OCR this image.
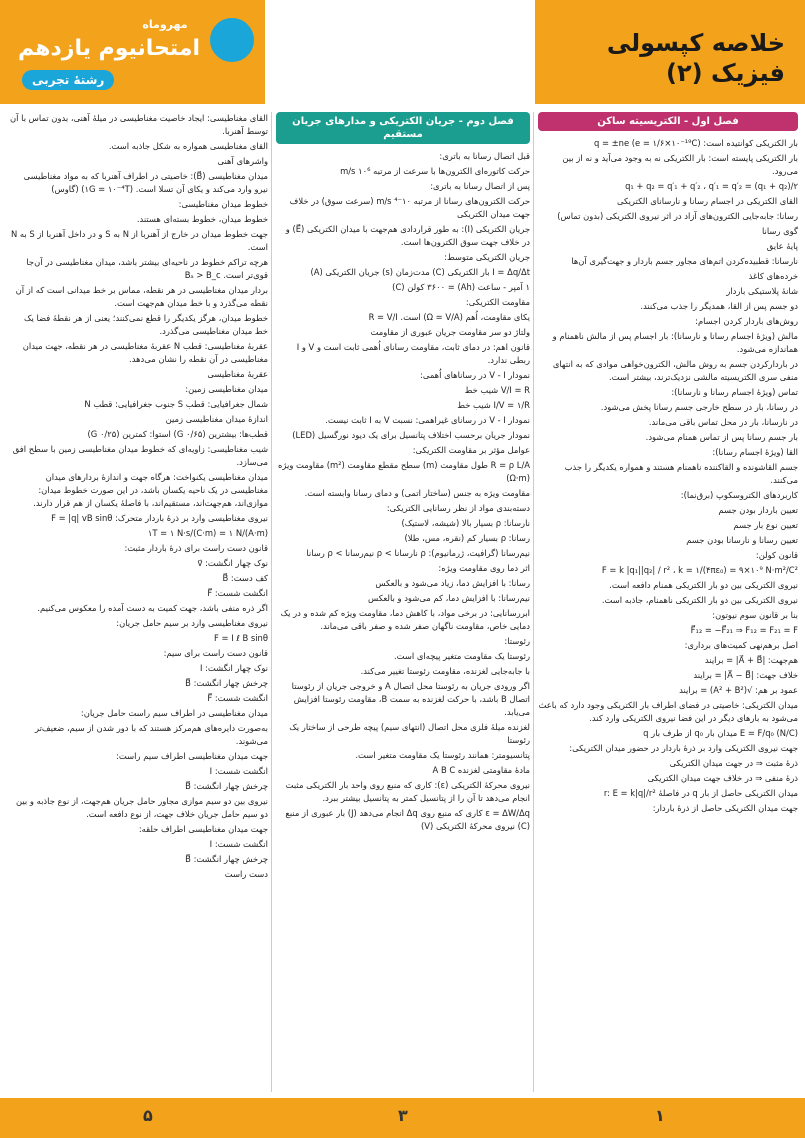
خلاصه کپسولی
فیزیک (۲)
مهروماه
امتحانیوم یازدهم
رشتهٔ تجربی
فصل اول - الکتریسیته ساکن
بار الکتریکی کوانتیده است: q = ±ne (e = ۱/۶×۱۰⁻¹⁹C)
بار الکتریکی پایسته است: بار الکتریکی نه به وجود می‌آید و نه از بین می‌رود.
q₁ + q₂ = q′₁ + q′₂ ، q′₁ = q′₂ = (q₁ + q₂)/۲
القای الکتریکی در اجسام رسانا و نارسانای الکتریکی
رسانا: جابه‌جایی الکترون‌های آزاد در اثر نیروی الکتریکی (بدون تماس)
گوی رسانا
پایهٔ عایق
نارسانا: قطبیده‌کردن اتم‌های مجاور جسم باردار و جهت‌گیری آن‌ها
خرده‌های کاغذ
شانهٔ پلاستیکی باردار
دو جسم پس از القا، همدیگر را جذب می‌کنند.
روش‌های باردار کردن اجسام:
مالش (ویژهٔ اجسام رسانا و نارسانا): بار اجسام پس از مالش ناهمنام و هماندازه می‌شود.
در باردارکردن جسم به روش مالش، الکترون‌خواهی موادی که به انتهای منفی سری الکتریسیته مالشی نزدیک‌ترند، بیشتر است.
تماس (ویژهٔ اجسام رسانا و نارسانا):
در رسانا، بار در سطح خارجی جسم رسانا پخش می‌شود.
در نارسانا، بار در محل تماس باقی می‌ماند.
بار جسم رسانا پس از تماس همنام می‌شود.
القا (ویژهٔ اجسام رسانا):
جسم القاشونده و القاکننده ناهمنام هستند و همواره یکدیگر را جذب می‌کنند.
کاربردهای الکتروسکوپ (برق‌نما):
تعیین باردار بودن جسم
تعیین نوع بار جسم
تعیین رسانا و نارسانا بودن جسم
قانون کولن:
F = k |q₁||q₂| / r² ، k = ۱/(۴πε₀) = ۹×۱۰⁹ N·m²/C²
نیروی الکتریکی بین دو بار الکتریکی همنام دافعه است.
نیروی الکتریکی بین دو بار الکتریکی ناهمنام، جاذبه است.
بنا بر قانون سوم نیوتون:
F⃗₁₂ = −F⃗₂₁ ⇒ F₁₂ = F₂₁ = F
اصل برهم‌نهی کمیت‌های برداری:
هم‌جهت: |A⃗ + B⃗| = برایند
خلاف جهت: |A⃗ − B⃗| = برایند
عمود بر هم: √(A² + B²) = برایند
میدان الکتریکی: خاصیتی در فضای اطراف بار الکتریکی وجود دارد که باعث می‌شود به بارهای دیگر در این فضا نیروی الکتریکی وارد کند.
E = F/q₀ (N/C) میدان بار q₀ از طرف بار q
جهت نیروی الکتریکی وارد بر ذرهٔ باردار در حضور میدان الکتریکی:
ذرهٔ مثبت ⇒ در جهت میدان الکتریکی
ذرهٔ منفی ⇒ در خلاف جهت میدان الکتریکی
میدان الکتریکی حاصل از بار q در فاصلهٔ r: E = k|q|/r²
جهت میدان الکتریکی حاصل از ذرهٔ باردار:
فصل دوم - جریان الکتریکی و مدارهای جریان مستقیم
قبل اتصال رسانا به باتری:
حرکت کاتوره‌ای الکترون‌ها با سرعت از مرتبه ۱۰⁶ m/s
پس از اتصال رسانا به باتری:
حرکت الکترون‌های رسانا از مرتبه ۱۰⁻⁴ m/s (سرعت سوق) در خلاف جهت میدان الکتریکی
جریان الکتریکی (I): به طور قراردادی هم‌جهت با میدان الکتریکی (E⃗) و در خلاف جهت سوق الکترون‌ها است.
جریان الکتریکی متوسط:
I = Δq/Δt بار الکتریکی (C) مدت‌زمان (s) جریان الکتریکی (A)
۱ آمپر - ساعت (Ah) = ۳۶۰۰ کولن (C)
مقاومت الکتریکی:
یکای مقاومت، اُهم (Ω = V/A) است. R = V/I
ولتاژ دو سر مقاومت جریان عبوری از مقاومت
قانون اهم: در دمای ثابت، مقاومت رسانای اُهمی ثابت است و V و I ربطی ندارد.
نمودار V - I در رساناهای اُهمی:
V/I = R شیب خط
I/V = ۱/R شیب خط
نمودار V - I در رسانای غیراهمی: نسبت V به I ثابت نیست.
نمودار جریان برحسب اختلاف پتانسیل برای یک دیود نورگسیل (LED)
عوامل مؤثر بر مقاومت الکتریکی:
R = ρ L/A طول مقاومت (m) سطح مقطع مقاومت (m²) مقاومت ویژه (Ω·m)
مقاومت ویژه به جنس (ساختار اتمی) و دمای رسانا وابسته است.
دسته‌بندی مواد از نظر رسانایی الکتریکی:
نارسانا: ρ بسیار بالا (شیشه، لاستیک)
رسانا: ρ بسیار کم (نقره، مس، طلا)
نیم‌رسانا (گرافیت، ژرمانیوم): ρ نارسانا > ρ نیم‌رسانا > ρ رسانا
اثر دما روی مقاومت ویژه:
رسانا: با افزایش دما، زیاد می‌شود و بالعکس
نیم‌رسانا: با افزایش دما، کم می‌شود و بالعکس
ابررسانایی: در برخی مواد، با کاهش دما، مقاومت ویژه کم شده و در یک دمایی خاص، مقاومت ناگهان صفر شده و صفر باقی می‌ماند.
رئوستا:
رئوستا یک مقاومت متغیر پیچه‌ای است.
با جابه‌جایی لغزنده، مقاومت رئوستا تغییر می‌کند.
اگر ورودی جریان به رئوستا محل اتصال A و خروجی جریان از رئوستا اتصال B باشد، با حرکت لغزنده به سمت B، مقاومت رئوستا افزایش می‌یابد.
لغزنده میلهٔ فلزی محل اتصال (انتهای سیم) پیچه طرحی از ساختار یک رئوستا
پتانسیومتر: همانند رئوستا یک مقاومت متغیر است.
مادهٔ مقاومتی لغزنده A B C
نیروی محرکهٔ الکتریکی (ε): کاری که منبع روی واحد بار الکتریکی مثبت انجام می‌دهد تا آن را از پتانسیل کمتر به پتانسیل بیشتر ببرد.
ε = ΔW/Δq کاری که منبع روی Δq انجام می‌دهد (J) بار عبوری از منبع (C) نیروی محرکهٔ الکتریکی (V)
القای مغناطیسی: ایجاد خاصیت مغناطیسی در میلهٔ آهنی، بدون تماس با آن توسط آهنربا.
القای مغناطیسی همواره به شکل جاذبه است.
واشرهای آهنی
میدان مغناطیسی (B⃗): خاصیتی در اطراف آهنربا که به مواد مغناطیسی نیرو وارد می‌کند و یکای آن تسلا است. (۱G = ۱۰⁻⁴T) (گاوس)
خطوط میدان مغناطیسی:
خطوط میدان، خطوط بسته‌ای هستند.
جهت خطوط میدان در خارج از آهنربا از N به S و در داخل آهنربا از S به N است.
هرچه تراکم خطوط در ناحیه‌ای بیشتر باشد، میدان مغناطیسی در آن‌جا قوی‌تر است. Bₐ > B_c
بردار میدان مغناطیسی در هر نقطه، مماس بر خط میدانی است که از آن نقطه می‌گذرد و با خط میدان هم‌جهت است.
خطوط میدان، هرگز یکدیگر را قطع نمی‌کنند؛ یعنی از هر نقطهٔ فضا یک خط میدان مغناطیسی می‌گذرد.
عقربهٔ مغناطیسی: قطب N عقربهٔ مغناطیسی در هر نقطه، جهت میدان مغناطیسی در آن نقطه را نشان می‌دهد.
عقربهٔ مغناطیسی
میدان مغناطیسی زمین:
شمال جغرافیایی: قطب S جنوب جغرافیایی: قطب N
اندازهٔ میدان مغناطیسی زمین
قطب‌ها: بیشترین (۰/۶۵ G) استوا: کمترین (۰/۲۵ G)
شیب مغناطیسی: زاویه‌ای که خطوط میدان مغناطیسی زمین با سطح افق می‌سازد.
میدان مغناطیسی یکنواخت: هرگاه جهت و اندازهٔ بردارهای میدان مغناطیسی در یک ناحیه یکسان باشد، در این صورت خطوط میدان: موازی‌اند، هم‌جهت‌اند، مستقیم‌اند، با فاصلهٔ یکسان از هم قرار دارند.
نیروی مغناطیسی وارد بر ذرهٔ باردار متحرک: F = |q| vB sinθ
۱T = ۱ N·s/(C·m) = ۱ N/(A·m)
قانون دست راست برای ذرهٔ باردار مثبت:
نوک چهار انگشت: v⃗
کف دست: B⃗
انگشت شست: F⃗
اگر ذره منفی باشد، جهت کمیت به دست آمده را معکوس می‌کنیم.
نیروی مغناطیسی وارد بر سیم حامل جریان:
F = I ℓ B sinθ
قانون دست راست برای سیم:
نوک چهار انگشت: I
چرخش چهار انگشت: B⃗
انگشت شست: F⃗
میدان مغناطیسی در اطراف سیم راست حامل جریان:
به‌صورت دایره‌های هم‌مرکز هستند که با دور شدن از سیم، ضعیف‌تر می‌شوند.
جهت میدان مغناطیسی اطراف سیم راست:
انگشت شست: I
چرخش چهار انگشت: B⃗
نیروی بین دو سیم موازی مجاور حامل جریان هم‌جهت، از نوع جاذبه و بین دو سیم حامل جریان خلاف جهت، از نوع دافعه است.
جهت میدان مغناطیسی اطراف حلقه:
انگشت شست: I
چرخش چهار انگشت: B⃗
دست راست
۱
۳
۵
